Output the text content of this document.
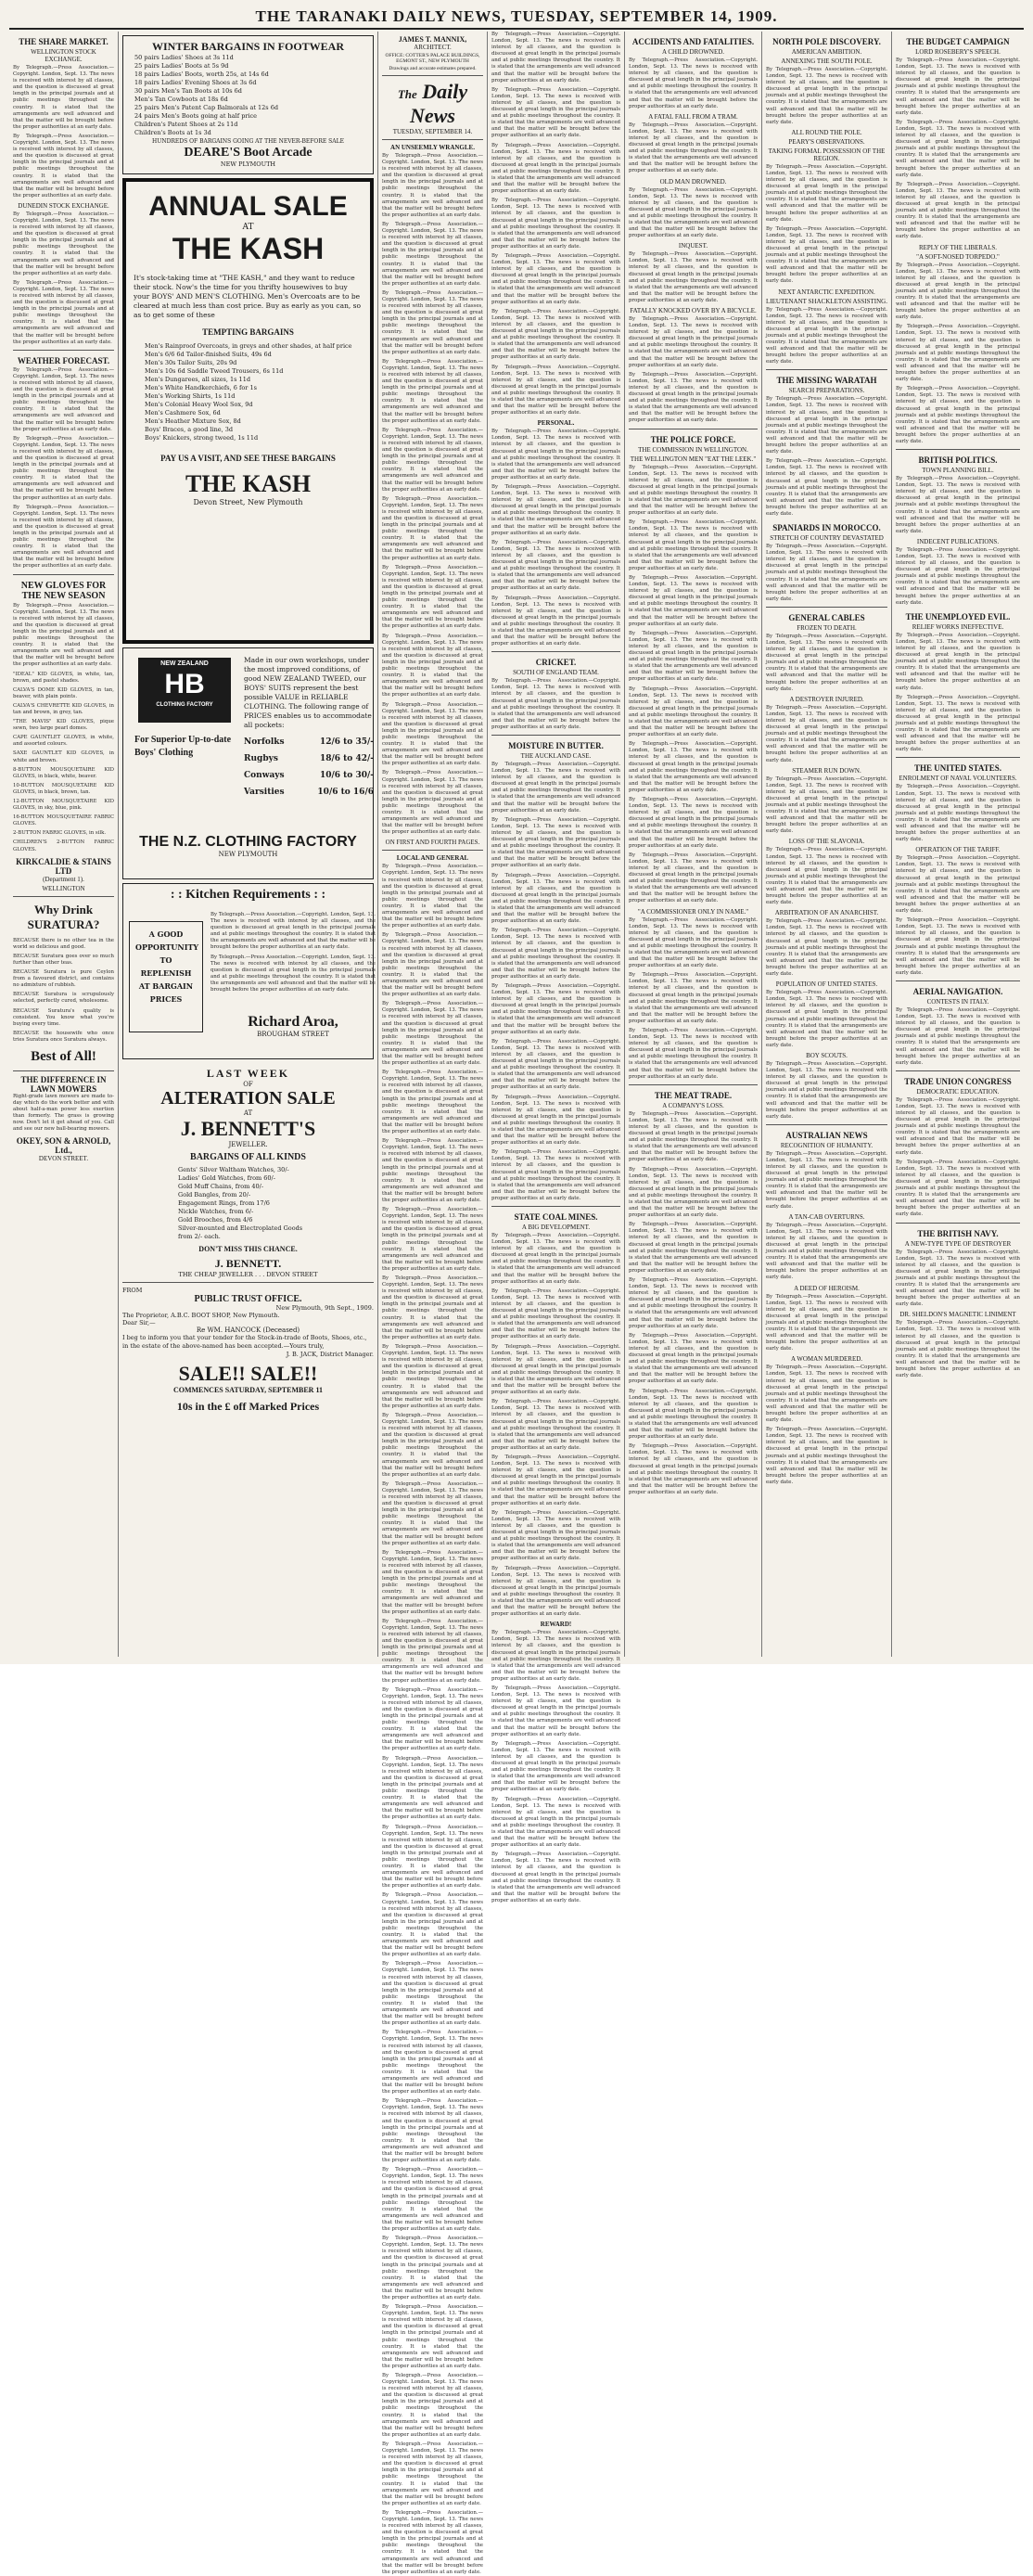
THE TARANAKI DAILY NEWS, TUESDAY, SEPTEMBER 14, 1909.
THE SHARE MARKET.
WELLINGTON STOCK EXCHANGE.
By Telegraph.—Press Association.—Copyright. London, Sept. 13. The news is received with interest by all classes, and the question is discussed at great length in the principal journals and at public meetings throughout the country. It is stated that the arrangements are well advanced and that the matter will be brought before the proper authorities at an early date.
By Telegraph.—Press Association.—Copyright. London, Sept. 13. The news is received with interest by all classes, and the question is discussed at great length in the principal journals and at public meetings throughout the country. It is stated that the arrangements are well advanced and that the matter will be brought before the proper authorities at an early date.
DUNEDIN STOCK EXCHANGE.
By Telegraph.—Press Association.—Copyright. London, Sept. 13. The news is received with interest by all classes, and the question is discussed at great length in the principal journals and at public meetings throughout the country. It is stated that the arrangements are well advanced and that the matter will be brought before the proper authorities at an early date.
By Telegraph.—Press Association.—Copyright. London, Sept. 13. The news is received with interest by all classes, and the question is discussed at great length in the principal journals and at public meetings throughout the country. It is stated that the arrangements are well advanced and that the matter will be brought before the proper authorities at an early date.
WEATHER FORECAST.
By Telegraph.—Press Association.—Copyright. London, Sept. 13. The news is received with interest by all classes, and the question is discussed at great length in the principal journals and at public meetings throughout the country. It is stated that the arrangements are well advanced and that the matter will be brought before the proper authorities at an early date.
By Telegraph.—Press Association.—Copyright. London, Sept. 13. The news is received with interest by all classes, and the question is discussed at great length in the principal journals and at public meetings throughout the country. It is stated that the arrangements are well advanced and that the matter will be brought before the proper authorities at an early date.
By Telegraph.—Press Association.—Copyright. London, Sept. 13. The news is received with interest by all classes, and the question is discussed at great length in the principal journals and at public meetings throughout the country. It is stated that the arrangements are well advanced and that the matter will be brought before the proper authorities at an early date.
NEW GLOVES FOR THE NEW SEASON
By Telegraph.—Press Association.—Copyright. London, Sept. 13. The news is received with interest by all classes, and the question is discussed at great length in the principal journals and at public meetings throughout the country. It is stated that the arrangements are well advanced and that the matter will be brought before the proper authorities at an early date.
"IDEAL" KID GLOVES, in white, tan, brown, and pastel shades.
CALVA'S DOME KID GLOVES, in tan, beaver, with plain points.
CALVA'S CHEVRETTE KID GLOVES, in tan and brown, in grey, tan.
"THE MAVIS" KID GLOVES, pique sewn, two large pearl domes.
CAPE GAUNTLET GLOVES, in white, and assorted colours.
SAXE GAUNTLET KID GLOVES, in white and brown.
8-BUTTON MOUSQUETAIRE KID GLOVES, in black, white, beaver.
10-BUTTON MOUSQUETAIRE KID GLOVES, in black, brown, tan.
12-BUTTON MOUSQUETAIRE KID GLOVES, in sky, blue, pink.
16-BUTTON MOUSQUETAIRE FABRIC GLOVES.
2-BUTTON FABRIC GLOVES, in silk.
CHILDREN'S 2-BUTTON FABRIC GLOVES.
KIRKCALDIE & STAINS LTD
(Department 1).
WELLINGTON
Why Drink SURATURA?
BECAUSE there is no other tea in the world so delicious and good.
BECAUSE Suratura goes over so much further than other teas.
BECAUSE Suratura is pure Ceylon from a favoured district, and contains no admixture of rubbish.
BECAUSE Suratura is scrupulously selected, perfectly cured, wholesome.
BECAUSE Suratura's quality is consistent. You know what you're buying every time.
BECAUSE the housewife who once tries Suratura once Suratura always.
Best of All!
THE DIFFERENCE IN LAWN MOWERS
Right-grade lawn mowers are made to-day which do the work better and with about half-a-man power less exertion than formerly. The grass is growing now. Don't let it get ahead of you. Call and see our new ball-bearing mowers.
OKEY, SON & ARNOLD, Ltd.,
DEVON STREET.
WINTER BARGAINS IN FOOTWEAR
50 pairs Ladies' Shoes at 3s 11d
25 pairs Ladies' Boots at 5s 9d
18 pairs Ladies' Boots, worth 25s, at 14s 6d
18 pairs Ladies' Evening Shoes at 3s 6d
30 pairs Men's Tan Boots at 10s 6d
Men's Tan Cowboots at 18s 6d
25 pairs Men's Patent Cap Balmorals at 12s 6d
24 pairs Men's Boots going at half price
Children's Patent Shoes at 2s 11d
Children's Boots at 1s 3d
HUNDREDS OF BARGAINS GOING AT THE NEVER-BEFORE SALE
DEARE'S Boot Arcade
NEW PLYMOUTH
ANNUAL SALE
AT
THE KASH
It's stock-taking time at "THE KASH," and they want to reduce their stock. Now's the time for you thrifty housewives to buy your BOYS' AND MEN'S CLOTHING. Men's Overcoats are to be cleared at much less than cost price. Buy as early as you can, so as to get some of these
TEMPTING BARGAINS
Men's Rainproof Overcoats, in greys and other shades, at half price
Men's 6/6 6d Tailor-finished Suits, 49s 6d
Men's 30s Tailor Suits, 20s 9d
Men's 10s 6d Saddle Tweed Trousers, 6s 11d
Men's Dungarees, all sizes, 1s 11d
Men's White Handkerchiefs, 6 for 1s
Men's Working Shirts, 1s 11d
Men's Colonial Heavy Wool Sox, 9d
Men's Cashmere Sox, 6d
Men's Heather Mixture Sox, 8d
Boys' Braces, a good line, 3d
Boys' Knickers, strong tweed, 1s 11d
PAY US A VISIT, AND SEE THESE BARGAINS
THE KASH
Devon Street, New Plymouth
NEW ZEALAND
HB
CLOTHING FACTORY
For Superior Up-to-date Boys' Clothing
Made in our own workshops, under the most improved conditions, of good NEW ZEALAND TWEED, our BOYS' SUITS represent the best possible VALUE in RELIABLE CLOTHING. The following range of PRICES enables us to accommodate all pockets:
Norfolks	12/6 to 35/-
Rugbys	18/6 to 42/-
Conways	10/6 to 30/-
Varsities	10/6 to 16/6
THE N.Z. CLOTHING FACTORY
NEW PLYMOUTH
: : Kitchen Requirements : :
A GOOD OPPORTUNITY TO REPLENISH AT BARGAIN PRICES
By Telegraph.—Press Association.—Copyright. London, Sept. 13. The news is received with interest by all classes, and the question is discussed at great length in the principal journals and at public meetings throughout the country. It is stated that the arrangements are well advanced and that the matter will be brought before the proper authorities at an early date.
By Telegraph.—Press Association.—Copyright. London, Sept. 13. The news is received with interest by all classes, and the question is discussed at great length in the principal journals and at public meetings throughout the country. It is stated that the arrangements are well advanced and that the matter will be brought before the proper authorities at an early date.
Richard Aroa,
BROUGHAM STREET
LAST WEEK
OF
ALTERATION SALE
AT
J. BENNETT'S
JEWELLER.
BARGAINS OF ALL KINDS
Gents' Silver Waltham Watches, 30/-
Ladies' Gold Watches, from 60/-
Gold Muff Chains, from 40/-
Gold Bangles, from 20/-
Engagement Rings, from 17/6
Nickle Watches, from 6/-
Gold Brooches, from 4/6
Silver-mounted and Electroplated Goods
from 2/- each.
DON'T MISS THIS CHANCE.
J. BENNETT.
THE CHEAP JEWELLER . . . DEVON STREET
FROM
PUBLIC TRUST OFFICE.
New Plymouth, 9th Sept., 1909.
The Proprietor, A.B.C. BOOT SHOP, New Plymouth.
Dear Sir,—
Re WM. HANCOCK (Deceased)
I beg to inform you that your tender for the Stock-in-trade of Boots, Shoes, etc., in the estate of the above-named has been accepted.—Yours truly,
J. B. JACK, District Manager.
SALE!! SALE!!
COMMENCES SATURDAY, SEPTEMBER 11
10s in the £ off Marked Prices
JAMES T. MANNIX,
ARCHITECT.
OFFICE: COTTER'S PALACE BUILDINGS, EGMONT ST., NEW PLYMOUTH
Drawings and accurate estimates prepared.
The Daily News
TUESDAY, SEPTEMBER 14.
AN UNSEEMLY WRANGLE.
By Telegraph.—Press Association.—Copyright. London, Sept. 13. The news is received with interest by all classes, and the question is discussed at great length in the principal journals and at public meetings throughout the country. It is stated that the arrangements are well advanced and that the matter will be brought before the proper authorities at an early date.
By Telegraph.—Press Association.—Copyright. London, Sept. 13. The news is received with interest by all classes, and the question is discussed at great length in the principal journals and at public meetings throughout the country. It is stated that the arrangements are well advanced and that the matter will be brought before the proper authorities at an early date.
By Telegraph.—Press Association.—Copyright. London, Sept. 13. The news is received with interest by all classes, and the question is discussed at great length in the principal journals and at public meetings throughout the country. It is stated that the arrangements are well advanced and that the matter will be brought before the proper authorities at an early date.
By Telegraph.—Press Association.—Copyright. London, Sept. 13. The news is received with interest by all classes, and the question is discussed at great length in the principal journals and at public meetings throughout the country. It is stated that the arrangements are well advanced and that the matter will be brought before the proper authorities at an early date.
By Telegraph.—Press Association.—Copyright. London, Sept. 13. The news is received with interest by all classes, and the question is discussed at great length in the principal journals and at public meetings throughout the country. It is stated that the arrangements are well advanced and that the matter will be brought before the proper authorities at an early date.
By Telegraph.—Press Association.—Copyright. London, Sept. 13. The news is received with interest by all classes, and the question is discussed at great length in the principal journals and at public meetings throughout the country. It is stated that the arrangements are well advanced and that the matter will be brought before the proper authorities at an early date.
By Telegraph.—Press Association.—Copyright. London, Sept. 13. The news is received with interest by all classes, and the question is discussed at great length in the principal journals and at public meetings throughout the country. It is stated that the arrangements are well advanced and that the matter will be brought before the proper authorities at an early date.
By Telegraph.—Press Association.—Copyright. London, Sept. 13. The news is received with interest by all classes, and the question is discussed at great length in the principal journals and at public meetings throughout the country. It is stated that the arrangements are well advanced and that the matter will be brought before the proper authorities at an early date.
By Telegraph.—Press Association.—Copyright. London, Sept. 13. The news is received with interest by all classes, and the question is discussed at great length in the principal journals and at public meetings throughout the country. It is stated that the arrangements are well advanced and that the matter will be brought before the proper authorities at an early date.
By Telegraph.—Press Association.—Copyright. London, Sept. 13. The news is received with interest by all classes, and the question is discussed at great length in the principal journals and at public meetings throughout the country. It is stated that the arrangements are well advanced and that the matter will be brought before the proper authorities at an early date.
ON FIRST AND FOURTH PAGES.
LOCAL AND GENERAL
By Telegraph.—Press Association.—Copyright. London, Sept. 13. The news is received with interest by all classes, and the question is discussed at great length in the principal journals and at public meetings throughout the country. It is stated that the arrangements are well advanced and that the matter will be brought before the proper authorities at an early date.
By Telegraph.—Press Association.—Copyright. London, Sept. 13. The news is received with interest by all classes, and the question is discussed at great length in the principal journals and at public meetings throughout the country. It is stated that the arrangements are well advanced and that the matter will be brought before the proper authorities at an early date.
By Telegraph.—Press Association.—Copyright. London, Sept. 13. The news is received with interest by all classes, and the question is discussed at great length in the principal journals and at public meetings throughout the country. It is stated that the arrangements are well advanced and that the matter will be brought before the proper authorities at an early date.
By Telegraph.—Press Association.—Copyright. London, Sept. 13. The news is received with interest by all classes, and the question is discussed at great length in the principal journals and at public meetings throughout the country. It is stated that the arrangements are well advanced and that the matter will be brought before the proper authorities at an early date.
By Telegraph.—Press Association.—Copyright. London, Sept. 13. The news is received with interest by all classes, and the question is discussed at great length in the principal journals and at public meetings throughout the country. It is stated that the arrangements are well advanced and that the matter will be brought before the proper authorities at an early date.
By Telegraph.—Press Association.—Copyright. London, Sept. 13. The news is received with interest by all classes, and the question is discussed at great length in the principal journals and at public meetings throughout the country. It is stated that the arrangements are well advanced and that the matter will be brought before the proper authorities at an early date.
By Telegraph.—Press Association.—Copyright. London, Sept. 13. The news is received with interest by all classes, and the question is discussed at great length in the principal journals and at public meetings throughout the country. It is stated that the arrangements are well advanced and that the matter will be brought before the proper authorities at an early date.
By Telegraph.—Press Association.—Copyright. London, Sept. 13. The news is received with interest by all classes, and the question is discussed at great length in the principal journals and at public meetings throughout the country. It is stated that the arrangements are well advanced and that the matter will be brought before the proper authorities at an early date.
By Telegraph.—Press Association.—Copyright. London, Sept. 13. The news is received with interest by all classes, and the question is discussed at great length in the principal journals and at public meetings throughout the country. It is stated that the arrangements are well advanced and that the matter will be brought before the proper authorities at an early date.
By Telegraph.—Press Association.—Copyright. London, Sept. 13. The news is received with interest by all classes, and the question is discussed at great length in the principal journals and at public meetings throughout the country. It is stated that the arrangements are well advanced and that the matter will be brought before the proper authorities at an early date.
By Telegraph.—Press Association.—Copyright. London, Sept. 13. The news is received with interest by all classes, and the question is discussed at great length in the principal journals and at public meetings throughout the country. It is stated that the arrangements are well advanced and that the matter will be brought before the proper authorities at an early date.
By Telegraph.—Press Association.—Copyright. London, Sept. 13. The news is received with interest by all classes, and the question is discussed at great length in the principal journals and at public meetings throughout the country. It is stated that the arrangements are well advanced and that the matter will be brought before the proper authorities at an early date.
By Telegraph.—Press Association.—Copyright. London, Sept. 13. The news is received with interest by all classes, and the question is discussed at great length in the principal journals and at public meetings throughout the country. It is stated that the arrangements are well advanced and that the matter will be brought before the proper authorities at an early date.
By Telegraph.—Press Association.—Copyright. London, Sept. 13. The news is received with interest by all classes, and the question is discussed at great length in the principal journals and at public meetings throughout the country. It is stated that the arrangements are well advanced and that the matter will be brought before the proper authorities at an early date.
By Telegraph.—Press Association.—Copyright. London, Sept. 13. The news is received with interest by all classes, and the question is discussed at great length in the principal journals and at public meetings throughout the country. It is stated that the arrangements are well advanced and that the matter will be brought before the proper authorities at an early date.
By Telegraph.—Press Association.—Copyright. London, Sept. 13. The news is received with interest by all classes, and the question is discussed at great length in the principal journals and at public meetings throughout the country. It is stated that the arrangements are well advanced and that the matter will be brought before the proper authorities at an early date.
By Telegraph.—Press Association.—Copyright. London, Sept. 13. The news is received with interest by all classes, and the question is discussed at great length in the principal journals and at public meetings throughout the country. It is stated that the arrangements are well advanced and that the matter will be brought before the proper authorities at an early date.
By Telegraph.—Press Association.—Copyright. London, Sept. 13. The news is received with interest by all classes, and the question is discussed at great length in the principal journals and at public meetings throughout the country. It is stated that the arrangements are well advanced and that the matter will be brought before the proper authorities at an early date.
By Telegraph.—Press Association.—Copyright. London, Sept. 13. The news is received with interest by all classes, and the question is discussed at great length in the principal journals and at public meetings throughout the country. It is stated that the arrangements are well advanced and that the matter will be brought before the proper authorities at an early date.
By Telegraph.—Press Association.—Copyright. London, Sept. 13. The news is received with interest by all classes, and the question is discussed at great length in the principal journals and at public meetings throughout the country. It is stated that the arrangements are well advanced and that the matter will be brought before the proper authorities at an early date.
By Telegraph.—Press Association.—Copyright. London, Sept. 13. The news is received with interest by all classes, and the question is discussed at great length in the principal journals and at public meetings throughout the country. It is stated that the arrangements are well advanced and that the matter will be brought before the proper authorities at an early date.
By Telegraph.—Press Association.—Copyright. London, Sept. 13. The news is received with interest by all classes, and the question is discussed at great length in the principal journals and at public meetings throughout the country. It is stated that the arrangements are well advanced and that the matter will be brought before the proper authorities at an early date.
By Telegraph.—Press Association.—Copyright. London, Sept. 13. The news is received with interest by all classes, and the question is discussed at great length in the principal journals and at public meetings throughout the country. It is stated that the arrangements are well advanced and that the matter will be brought before the proper authorities at an early date.
By Telegraph.—Press Association.—Copyright. London, Sept. 13. The news is received with interest by all classes, and the question is discussed at great length in the principal journals and at public meetings throughout the country. It is stated that the arrangements are well advanced and that the matter will be brought before the proper authorities at an early date.
By Telegraph.—Press Association.—Copyright. London, Sept. 13. The news is received with interest by all classes, and the question is discussed at great length in the principal journals and at public meetings throughout the country. It is stated that the arrangements are well advanced and that the matter will be brought before the proper authorities at an early date.
By Telegraph.—Press Association.—Copyright. London, Sept. 13. The news is received with interest by all classes, and the question is discussed at great length in the principal journals and at public meetings throughout the country. It is stated that the arrangements are well advanced and that the matter will be brought before the proper authorities at an early date.
By Telegraph.—Press Association.—Copyright. London, Sept. 13. The news is received with interest by all classes, and the question is discussed at great length in the principal journals and at public meetings throughout the country. It is stated that the arrangements are well advanced and that the matter will be brought before the proper authorities at an early date.
By Telegraph.—Press Association.—Copyright. London, Sept. 13. The news is received with interest by all classes, and the question is discussed at great length in the principal journals and at public meetings throughout the country. It is stated that the arrangements are well advanced and that the matter will be brought before the proper authorities at an early date.
By Telegraph.—Press Association.—Copyright. London, Sept. 13. The news is received with interest by all classes, and the question is discussed at great length in the principal journals and at public meetings throughout the country. It is stated that the arrangements are well advanced and that the matter will be brought before the proper authorities at an early date.
By Telegraph.—Press Association.—Copyright. London, Sept. 13. The news is received with interest by all classes, and the question is discussed at great length in the principal journals and at public meetings throughout the country. It is stated that the arrangements are well advanced and that the matter will be brought before the proper authorities at an early date.
By Telegraph.—Press Association.—Copyright. London, Sept. 13. The news is received with interest by all classes, and the question is discussed at great length in the principal journals and at public meetings throughout the country. It is stated that the arrangements are well advanced and that the matter will be brought before the proper authorities at an early date.
By Telegraph.—Press Association.—Copyright. London, Sept. 13. The news is received with interest by all classes, and the question is discussed at great length in the principal journals and at public meetings throughout the country. It is stated that the arrangements are well advanced and that the matter will be brought before the proper authorities at an early date.
PERSONAL.
By Telegraph.—Press Association.—Copyright. London, Sept. 13. The news is received with interest by all classes, and the question is discussed at great length in the principal journals and at public meetings throughout the country. It is stated that the arrangements are well advanced and that the matter will be brought before the proper authorities at an early date.
By Telegraph.—Press Association.—Copyright. London, Sept. 13. The news is received with interest by all classes, and the question is discussed at great length in the principal journals and at public meetings throughout the country. It is stated that the arrangements are well advanced and that the matter will be brought before the proper authorities at an early date.
By Telegraph.—Press Association.—Copyright. London, Sept. 13. The news is received with interest by all classes, and the question is discussed at great length in the principal journals and at public meetings throughout the country. It is stated that the arrangements are well advanced and that the matter will be brought before the proper authorities at an early date.
By Telegraph.—Press Association.—Copyright. London, Sept. 13. The news is received with interest by all classes, and the question is discussed at great length in the principal journals and at public meetings throughout the country. It is stated that the arrangements are well advanced and that the matter will be brought before the proper authorities at an early date.
CRICKET.
SOUTH OF ENGLAND TEAM.
By Telegraph.—Press Association.—Copyright. London, Sept. 13. The news is received with interest by all classes, and the question is discussed at great length in the principal journals and at public meetings throughout the country. It is stated that the arrangements are well advanced and that the matter will be brought before the proper authorities at an early date.
MOISTURE IN BUTTER.
THE AUCKLAND CASE.
By Telegraph.—Press Association.—Copyright. London, Sept. 13. The news is received with interest by all classes, and the question is discussed at great length in the principal journals and at public meetings throughout the country. It is stated that the arrangements are well advanced and that the matter will be brought before the proper authorities at an early date.
By Telegraph.—Press Association.—Copyright. London, Sept. 13. The news is received with interest by all classes, and the question is discussed at great length in the principal journals and at public meetings throughout the country. It is stated that the arrangements are well advanced and that the matter will be brought before the proper authorities at an early date.
By Telegraph.—Press Association.—Copyright. London, Sept. 13. The news is received with interest by all classes, and the question is discussed at great length in the principal journals and at public meetings throughout the country. It is stated that the arrangements are well advanced and that the matter will be brought before the proper authorities at an early date.
By Telegraph.—Press Association.—Copyright. London, Sept. 13. The news is received with interest by all classes, and the question is discussed at great length in the principal journals and at public meetings throughout the country. It is stated that the arrangements are well advanced and that the matter will be brought before the proper authorities at an early date.
By Telegraph.—Press Association.—Copyright. London, Sept. 13. The news is received with interest by all classes, and the question is discussed at great length in the principal journals and at public meetings throughout the country. It is stated that the arrangements are well advanced and that the matter will be brought before the proper authorities at an early date.
By Telegraph.—Press Association.—Copyright. London, Sept. 13. The news is received with interest by all classes, and the question is discussed at great length in the principal journals and at public meetings throughout the country. It is stated that the arrangements are well advanced and that the matter will be brought before the proper authorities at an early date.
By Telegraph.—Press Association.—Copyright. London, Sept. 13. The news is received with interest by all classes, and the question is discussed at great length in the principal journals and at public meetings throughout the country. It is stated that the arrangements are well advanced and that the matter will be brought before the proper authorities at an early date.
By Telegraph.—Press Association.—Copyright. London, Sept. 13. The news is received with interest by all classes, and the question is discussed at great length in the principal journals and at public meetings throughout the country. It is stated that the arrangements are well advanced and that the matter will be brought before the proper authorities at an early date.
STATE COAL MINES.
A BIG DEVELOPMENT.
By Telegraph.—Press Association.—Copyright. London, Sept. 13. The news is received with interest by all classes, and the question is discussed at great length in the principal journals and at public meetings throughout the country. It is stated that the arrangements are well advanced and that the matter will be brought before the proper authorities at an early date.
By Telegraph.—Press Association.—Copyright. London, Sept. 13. The news is received with interest by all classes, and the question is discussed at great length in the principal journals and at public meetings throughout the country. It is stated that the arrangements are well advanced and that the matter will be brought before the proper authorities at an early date.
By Telegraph.—Press Association.—Copyright. London, Sept. 13. The news is received with interest by all classes, and the question is discussed at great length in the principal journals and at public meetings throughout the country. It is stated that the arrangements are well advanced and that the matter will be brought before the proper authorities at an early date.
By Telegraph.—Press Association.—Copyright. London, Sept. 13. The news is received with interest by all classes, and the question is discussed at great length in the principal journals and at public meetings throughout the country. It is stated that the arrangements are well advanced and that the matter will be brought before the proper authorities at an early date.
By Telegraph.—Press Association.—Copyright. London, Sept. 13. The news is received with interest by all classes, and the question is discussed at great length in the principal journals and at public meetings throughout the country. It is stated that the arrangements are well advanced and that the matter will be brought before the proper authorities at an early date.
By Telegraph.—Press Association.—Copyright. London, Sept. 13. The news is received with interest by all classes, and the question is discussed at great length in the principal journals and at public meetings throughout the country. It is stated that the arrangements are well advanced and that the matter will be brought before the proper authorities at an early date.
By Telegraph.—Press Association.—Copyright. London, Sept. 13. The news is received with interest by all classes, and the question is discussed at great length in the principal journals and at public meetings throughout the country. It is stated that the arrangements are well advanced and that the matter will be brought before the proper authorities at an early date.
REWARD!
By Telegraph.—Press Association.—Copyright. London, Sept. 13. The news is received with interest by all classes, and the question is discussed at great length in the principal journals and at public meetings throughout the country. It is stated that the arrangements are well advanced and that the matter will be brought before the proper authorities at an early date.
By Telegraph.—Press Association.—Copyright. London, Sept. 13. The news is received with interest by all classes, and the question is discussed at great length in the principal journals and at public meetings throughout the country. It is stated that the arrangements are well advanced and that the matter will be brought before the proper authorities at an early date.
By Telegraph.—Press Association.—Copyright. London, Sept. 13. The news is received with interest by all classes, and the question is discussed at great length in the principal journals and at public meetings throughout the country. It is stated that the arrangements are well advanced and that the matter will be brought before the proper authorities at an early date.
By Telegraph.—Press Association.—Copyright. London, Sept. 13. The news is received with interest by all classes, and the question is discussed at great length in the principal journals and at public meetings throughout the country. It is stated that the arrangements are well advanced and that the matter will be brought before the proper authorities at an early date.
By Telegraph.—Press Association.—Copyright. London, Sept. 13. The news is received with interest by all classes, and the question is discussed at great length in the principal journals and at public meetings throughout the country. It is stated that the arrangements are well advanced and that the matter will be brought before the proper authorities at an early date.
ACCIDENTS AND FATALITIES.
A CHILD DROWNED.
By Telegraph.—Press Association.—Copyright. London, Sept. 13. The news is received with interest by all classes, and the question is discussed at great length in the principal journals and at public meetings throughout the country. It is stated that the arrangements are well advanced and that the matter will be brought before the proper authorities at an early date.
A FATAL FALL FROM A TRAM.
By Telegraph.—Press Association.—Copyright. London, Sept. 13. The news is received with interest by all classes, and the question is discussed at great length in the principal journals and at public meetings throughout the country. It is stated that the arrangements are well advanced and that the matter will be brought before the proper authorities at an early date.
OLD MAN DROWNED.
By Telegraph.—Press Association.—Copyright. London, Sept. 13. The news is received with interest by all classes, and the question is discussed at great length in the principal journals and at public meetings throughout the country. It is stated that the arrangements are well advanced and that the matter will be brought before the proper authorities at an early date.
INQUEST.
By Telegraph.—Press Association.—Copyright. London, Sept. 13. The news is received with interest by all classes, and the question is discussed at great length in the principal journals and at public meetings throughout the country. It is stated that the arrangements are well advanced and that the matter will be brought before the proper authorities at an early date.
FATALLY KNOCKED OVER BY A BICYCLE.
By Telegraph.—Press Association.—Copyright. London, Sept. 13. The news is received with interest by all classes, and the question is discussed at great length in the principal journals and at public meetings throughout the country. It is stated that the arrangements are well advanced and that the matter will be brought before the proper authorities at an early date.
By Telegraph.—Press Association.—Copyright. London, Sept. 13. The news is received with interest by all classes, and the question is discussed at great length in the principal journals and at public meetings throughout the country. It is stated that the arrangements are well advanced and that the matter will be brought before the proper authorities at an early date.
THE POLICE FORCE.
THE COMMISSION IN WELLINGTON.
THE WELLINGTON MEN "EAT THE LEEK."
By Telegraph.—Press Association.—Copyright. London, Sept. 13. The news is received with interest by all classes, and the question is discussed at great length in the principal journals and at public meetings throughout the country. It is stated that the arrangements are well advanced and that the matter will be brought before the proper authorities at an early date.
By Telegraph.—Press Association.—Copyright. London, Sept. 13. The news is received with interest by all classes, and the question is discussed at great length in the principal journals and at public meetings throughout the country. It is stated that the arrangements are well advanced and that the matter will be brought before the proper authorities at an early date.
By Telegraph.—Press Association.—Copyright. London, Sept. 13. The news is received with interest by all classes, and the question is discussed at great length in the principal journals and at public meetings throughout the country. It is stated that the arrangements are well advanced and that the matter will be brought before the proper authorities at an early date.
By Telegraph.—Press Association.—Copyright. London, Sept. 13. The news is received with interest by all classes, and the question is discussed at great length in the principal journals and at public meetings throughout the country. It is stated that the arrangements are well advanced and that the matter will be brought before the proper authorities at an early date.
By Telegraph.—Press Association.—Copyright. London, Sept. 13. The news is received with interest by all classes, and the question is discussed at great length in the principal journals and at public meetings throughout the country. It is stated that the arrangements are well advanced and that the matter will be brought before the proper authorities at an early date.
By Telegraph.—Press Association.—Copyright. London, Sept. 13. The news is received with interest by all classes, and the question is discussed at great length in the principal journals and at public meetings throughout the country. It is stated that the arrangements are well advanced and that the matter will be brought before the proper authorities at an early date.
By Telegraph.—Press Association.—Copyright. London, Sept. 13. The news is received with interest by all classes, and the question is discussed at great length in the principal journals and at public meetings throughout the country. It is stated that the arrangements are well advanced and that the matter will be brought before the proper authorities at an early date.
By Telegraph.—Press Association.—Copyright. London, Sept. 13. The news is received with interest by all classes, and the question is discussed at great length in the principal journals and at public meetings throughout the country. It is stated that the arrangements are well advanced and that the matter will be brought before the proper authorities at an early date.
"A COMMISSIONER ONLY IN NAME."
By Telegraph.—Press Association.—Copyright. London, Sept. 13. The news is received with interest by all classes, and the question is discussed at great length in the principal journals and at public meetings throughout the country. It is stated that the arrangements are well advanced and that the matter will be brought before the proper authorities at an early date.
By Telegraph.—Press Association.—Copyright. London, Sept. 13. The news is received with interest by all classes, and the question is discussed at great length in the principal journals and at public meetings throughout the country. It is stated that the arrangements are well advanced and that the matter will be brought before the proper authorities at an early date.
By Telegraph.—Press Association.—Copyright. London, Sept. 13. The news is received with interest by all classes, and the question is discussed at great length in the principal journals and at public meetings throughout the country. It is stated that the arrangements are well advanced and that the matter will be brought before the proper authorities at an early date.
THE MEAT TRADE.
A COMPANY'S LOSS.
By Telegraph.—Press Association.—Copyright. London, Sept. 13. The news is received with interest by all classes, and the question is discussed at great length in the principal journals and at public meetings throughout the country. It is stated that the arrangements are well advanced and that the matter will be brought before the proper authorities at an early date.
By Telegraph.—Press Association.—Copyright. London, Sept. 13. The news is received with interest by all classes, and the question is discussed at great length in the principal journals and at public meetings throughout the country. It is stated that the arrangements are well advanced and that the matter will be brought before the proper authorities at an early date.
By Telegraph.—Press Association.—Copyright. London, Sept. 13. The news is received with interest by all classes, and the question is discussed at great length in the principal journals and at public meetings throughout the country. It is stated that the arrangements are well advanced and that the matter will be brought before the proper authorities at an early date.
By Telegraph.—Press Association.—Copyright. London, Sept. 13. The news is received with interest by all classes, and the question is discussed at great length in the principal journals and at public meetings throughout the country. It is stated that the arrangements are well advanced and that the matter will be brought before the proper authorities at an early date.
By Telegraph.—Press Association.—Copyright. London, Sept. 13. The news is received with interest by all classes, and the question is discussed at great length in the principal journals and at public meetings throughout the country. It is stated that the arrangements are well advanced and that the matter will be brought before the proper authorities at an early date.
By Telegraph.—Press Association.—Copyright. London, Sept. 13. The news is received with interest by all classes, and the question is discussed at great length in the principal journals and at public meetings throughout the country. It is stated that the arrangements are well advanced and that the matter will be brought before the proper authorities at an early date.
By Telegraph.—Press Association.—Copyright. London, Sept. 13. The news is received with interest by all classes, and the question is discussed at great length in the principal journals and at public meetings throughout the country. It is stated that the arrangements are well advanced and that the matter will be brought before the proper authorities at an early date.
NORTH POLE DISCOVERY.
AMERICAN AMBITION.
ANNEXING THE SOUTH POLE.
By Telegraph.—Press Association.—Copyright. London, Sept. 13. The news is received with interest by all classes, and the question is discussed at great length in the principal journals and at public meetings throughout the country. It is stated that the arrangements are well advanced and that the matter will be brought before the proper authorities at an early date.
ALL ROUND THE POLE.
PEARY'S OBSERVATIONS.
TAKING FORMAL POSSESSION OF THE REGION.
By Telegraph.—Press Association.—Copyright. London, Sept. 13. The news is received with interest by all classes, and the question is discussed at great length in the principal journals and at public meetings throughout the country. It is stated that the arrangements are well advanced and that the matter will be brought before the proper authorities at an early date.
By Telegraph.—Press Association.—Copyright. London, Sept. 13. The news is received with interest by all classes, and the question is discussed at great length in the principal journals and at public meetings throughout the country. It is stated that the arrangements are well advanced and that the matter will be brought before the proper authorities at an early date.
NEXT ANTARCTIC EXPEDITION.
LIEUTENANT SHACKLETON ASSISTING.
By Telegraph.—Press Association.—Copyright. London, Sept. 13. The news is received with interest by all classes, and the question is discussed at great length in the principal journals and at public meetings throughout the country. It is stated that the arrangements are well advanced and that the matter will be brought before the proper authorities at an early date.
THE MISSING WARATAH
SEARCH PREPARATIONS.
By Telegraph.—Press Association.—Copyright. London, Sept. 13. The news is received with interest by all classes, and the question is discussed at great length in the principal journals and at public meetings throughout the country. It is stated that the arrangements are well advanced and that the matter will be brought before the proper authorities at an early date.
By Telegraph.—Press Association.—Copyright. London, Sept. 13. The news is received with interest by all classes, and the question is discussed at great length in the principal journals and at public meetings throughout the country. It is stated that the arrangements are well advanced and that the matter will be brought before the proper authorities at an early date.
SPANIARDS IN MOROCCO.
STRETCH OF COUNTRY DEVASTATED
By Telegraph.—Press Association.—Copyright. London, Sept. 13. The news is received with interest by all classes, and the question is discussed at great length in the principal journals and at public meetings throughout the country. It is stated that the arrangements are well advanced and that the matter will be brought before the proper authorities at an early date.
GENERAL CABLES
FROZEN TO DEATH.
By Telegraph.—Press Association.—Copyright. London, Sept. 13. The news is received with interest by all classes, and the question is discussed at great length in the principal journals and at public meetings throughout the country. It is stated that the arrangements are well advanced and that the matter will be brought before the proper authorities at an early date.
A DESTROYER INJURED.
By Telegraph.—Press Association.—Copyright. London, Sept. 13. The news is received with interest by all classes, and the question is discussed at great length in the principal journals and at public meetings throughout the country. It is stated that the arrangements are well advanced and that the matter will be brought before the proper authorities at an early date.
STEAMER RUN DOWN.
By Telegraph.—Press Association.—Copyright. London, Sept. 13. The news is received with interest by all classes, and the question is discussed at great length in the principal journals and at public meetings throughout the country. It is stated that the arrangements are well advanced and that the matter will be brought before the proper authorities at an early date.
LOSS OF THE SLAVONIA.
By Telegraph.—Press Association.—Copyright. London, Sept. 13. The news is received with interest by all classes, and the question is discussed at great length in the principal journals and at public meetings throughout the country. It is stated that the arrangements are well advanced and that the matter will be brought before the proper authorities at an early date.
ARBITRATION OF AN ANARCHIST.
By Telegraph.—Press Association.—Copyright. London, Sept. 13. The news is received with interest by all classes, and the question is discussed at great length in the principal journals and at public meetings throughout the country. It is stated that the arrangements are well advanced and that the matter will be brought before the proper authorities at an early date.
POPULATION OF UNITED STATES.
By Telegraph.—Press Association.—Copyright. London, Sept. 13. The news is received with interest by all classes, and the question is discussed at great length in the principal journals and at public meetings throughout the country. It is stated that the arrangements are well advanced and that the matter will be brought before the proper authorities at an early date.
BOY SCOUTS.
By Telegraph.—Press Association.—Copyright. London, Sept. 13. The news is received with interest by all classes, and the question is discussed at great length in the principal journals and at public meetings throughout the country. It is stated that the arrangements are well advanced and that the matter will be brought before the proper authorities at an early date.
AUSTRALIAN NEWS
RECOGNITION OF HUMANITY.
By Telegraph.—Press Association.—Copyright. London, Sept. 13. The news is received with interest by all classes, and the question is discussed at great length in the principal journals and at public meetings throughout the country. It is stated that the arrangements are well advanced and that the matter will be brought before the proper authorities at an early date.
A TAN-CAB OVERTURNS.
By Telegraph.—Press Association.—Copyright. London, Sept. 13. The news is received with interest by all classes, and the question is discussed at great length in the principal journals and at public meetings throughout the country. It is stated that the arrangements are well advanced and that the matter will be brought before the proper authorities at an early date.
A DEED OF HEROISM.
By Telegraph.—Press Association.—Copyright. London, Sept. 13. The news is received with interest by all classes, and the question is discussed at great length in the principal journals and at public meetings throughout the country. It is stated that the arrangements are well advanced and that the matter will be brought before the proper authorities at an early date.
A WOMAN MURDERED.
By Telegraph.—Press Association.—Copyright. London, Sept. 13. The news is received with interest by all classes, and the question is discussed at great length in the principal journals and at public meetings throughout the country. It is stated that the arrangements are well advanced and that the matter will be brought before the proper authorities at an early date.
By Telegraph.—Press Association.—Copyright. London, Sept. 13. The news is received with interest by all classes, and the question is discussed at great length in the principal journals and at public meetings throughout the country. It is stated that the arrangements are well advanced and that the matter will be brought before the proper authorities at an early date.
THE BUDGET CAMPAIGN
LORD ROSEBERY'S SPEECH.
By Telegraph.—Press Association.—Copyright. London, Sept. 13. The news is received with interest by all classes, and the question is discussed at great length in the principal journals and at public meetings throughout the country. It is stated that the arrangements are well advanced and that the matter will be brought before the proper authorities at an early date.
By Telegraph.—Press Association.—Copyright. London, Sept. 13. The news is received with interest by all classes, and the question is discussed at great length in the principal journals and at public meetings throughout the country. It is stated that the arrangements are well advanced and that the matter will be brought before the proper authorities at an early date.
By Telegraph.—Press Association.—Copyright. London, Sept. 13. The news is received with interest by all classes, and the question is discussed at great length in the principal journals and at public meetings throughout the country. It is stated that the arrangements are well advanced and that the matter will be brought before the proper authorities at an early date.
REPLY OF THE LIBERALS.
"A SOFT-NOSED TORPEDO."
By Telegraph.—Press Association.—Copyright. London, Sept. 13. The news is received with interest by all classes, and the question is discussed at great length in the principal journals and at public meetings throughout the country. It is stated that the arrangements are well advanced and that the matter will be brought before the proper authorities at an early date.
By Telegraph.—Press Association.—Copyright. London, Sept. 13. The news is received with interest by all classes, and the question is discussed at great length in the principal journals and at public meetings throughout the country. It is stated that the arrangements are well advanced and that the matter will be brought before the proper authorities at an early date.
By Telegraph.—Press Association.—Copyright. London, Sept. 13. The news is received with interest by all classes, and the question is discussed at great length in the principal journals and at public meetings throughout the country. It is stated that the arrangements are well advanced and that the matter will be brought before the proper authorities at an early date.
BRITISH POLITICS.
TOWN PLANNING BILL.
By Telegraph.—Press Association.—Copyright. London, Sept. 13. The news is received with interest by all classes, and the question is discussed at great length in the principal journals and at public meetings throughout the country. It is stated that the arrangements are well advanced and that the matter will be brought before the proper authorities at an early date.
INDECENT PUBLICATIONS.
By Telegraph.—Press Association.—Copyright. London, Sept. 13. The news is received with interest by all classes, and the question is discussed at great length in the principal journals and at public meetings throughout the country. It is stated that the arrangements are well advanced and that the matter will be brought before the proper authorities at an early date.
THE UNEMPLOYED EVIL.
RELIEF WORKS INEFFECTIVE.
By Telegraph.—Press Association.—Copyright. London, Sept. 13. The news is received with interest by all classes, and the question is discussed at great length in the principal journals and at public meetings throughout the country. It is stated that the arrangements are well advanced and that the matter will be brought before the proper authorities at an early date.
By Telegraph.—Press Association.—Copyright. London, Sept. 13. The news is received with interest by all classes, and the question is discussed at great length in the principal journals and at public meetings throughout the country. It is stated that the arrangements are well advanced and that the matter will be brought before the proper authorities at an early date.
THE UNITED STATES.
ENROLMENT OF NAVAL VOLUNTEERS.
By Telegraph.—Press Association.—Copyright. London, Sept. 13. The news is received with interest by all classes, and the question is discussed at great length in the principal journals and at public meetings throughout the country. It is stated that the arrangements are well advanced and that the matter will be brought before the proper authorities at an early date.
OPERATION OF THE TARIFF.
By Telegraph.—Press Association.—Copyright. London, Sept. 13. The news is received with interest by all classes, and the question is discussed at great length in the principal journals and at public meetings throughout the country. It is stated that the arrangements are well advanced and that the matter will be brought before the proper authorities at an early date.
By Telegraph.—Press Association.—Copyright. London, Sept. 13. The news is received with interest by all classes, and the question is discussed at great length in the principal journals and at public meetings throughout the country. It is stated that the arrangements are well advanced and that the matter will be brought before the proper authorities at an early date.
AERIAL NAVIGATION.
CONTESTS IN ITALY.
By Telegraph.—Press Association.—Copyright. London, Sept. 13. The news is received with interest by all classes, and the question is discussed at great length in the principal journals and at public meetings throughout the country. It is stated that the arrangements are well advanced and that the matter will be brought before the proper authorities at an early date.
TRADE UNION CONGRESS
DEMOCRATIC EDUCATION.
By Telegraph.—Press Association.—Copyright. London, Sept. 13. The news is received with interest by all classes, and the question is discussed at great length in the principal journals and at public meetings throughout the country. It is stated that the arrangements are well advanced and that the matter will be brought before the proper authorities at an early date.
By Telegraph.—Press Association.—Copyright. London, Sept. 13. The news is received with interest by all classes, and the question is discussed at great length in the principal journals and at public meetings throughout the country. It is stated that the arrangements are well advanced and that the matter will be brought before the proper authorities at an early date.
THE BRITISH NAVY.
A NEW-TYPE TYPE OF DESTROYER
By Telegraph.—Press Association.—Copyright. London, Sept. 13. The news is received with interest by all classes, and the question is discussed at great length in the principal journals and at public meetings throughout the country. It is stated that the arrangements are well advanced and that the matter will be brought before the proper authorities at an early date.
DR. SHELDON'S MAGNETIC LINIMENT
By Telegraph.—Press Association.—Copyright. London, Sept. 13. The news is received with interest by all classes, and the question is discussed at great length in the principal journals and at public meetings throughout the country. It is stated that the arrangements are well advanced and that the matter will be brought before the proper authorities at an early date.
